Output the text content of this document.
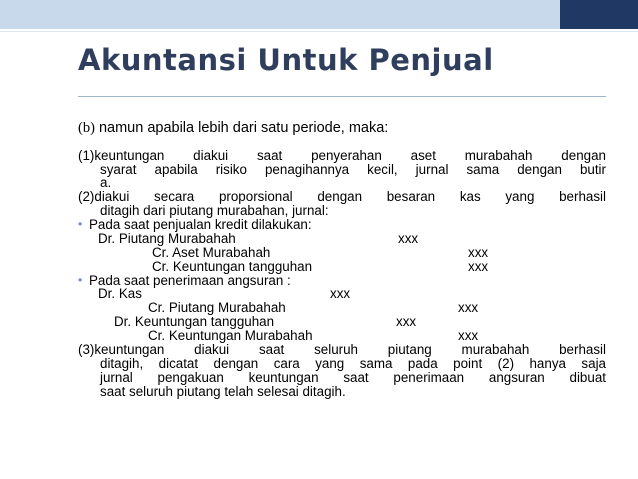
Akuntansi Untuk Penjual
(b) namun apabila lebih dari satu periode, maka:
(1)keuntungan diakui saat penyerahan aset murabahah dengan
syarat apabila risiko penagihannya kecil, jurnal sama dengan butir
a.
(2)diakui secara proporsional dengan besaran kas yang berhasil
ditagih dari piutang murabahan, jurnal:
• Pada saat penjualan kredit dilakukan:
Dr. Piutang Murabahah	xxx
Cr. Aset Murabahah	xxx
Cr. Keuntungan tangguhan	xxx
• Pada saat penerimaan angsuran :
Dr. Kas	xxx
Cr. Piutang Murabahah	xxx
Dr. Keuntungan tangguhan	xxx
Cr. Keuntungan Murabahah	xxx
(3)keuntungan diakui saat seluruh piutang murabahah berhasil
ditagih, dicatat dengan cara yang sama pada point (2) hanya saja
jurnal pengakuan keuntungan saat penerimaan angsuran dibuat
saat seluruh piutang telah selesai ditagih.
